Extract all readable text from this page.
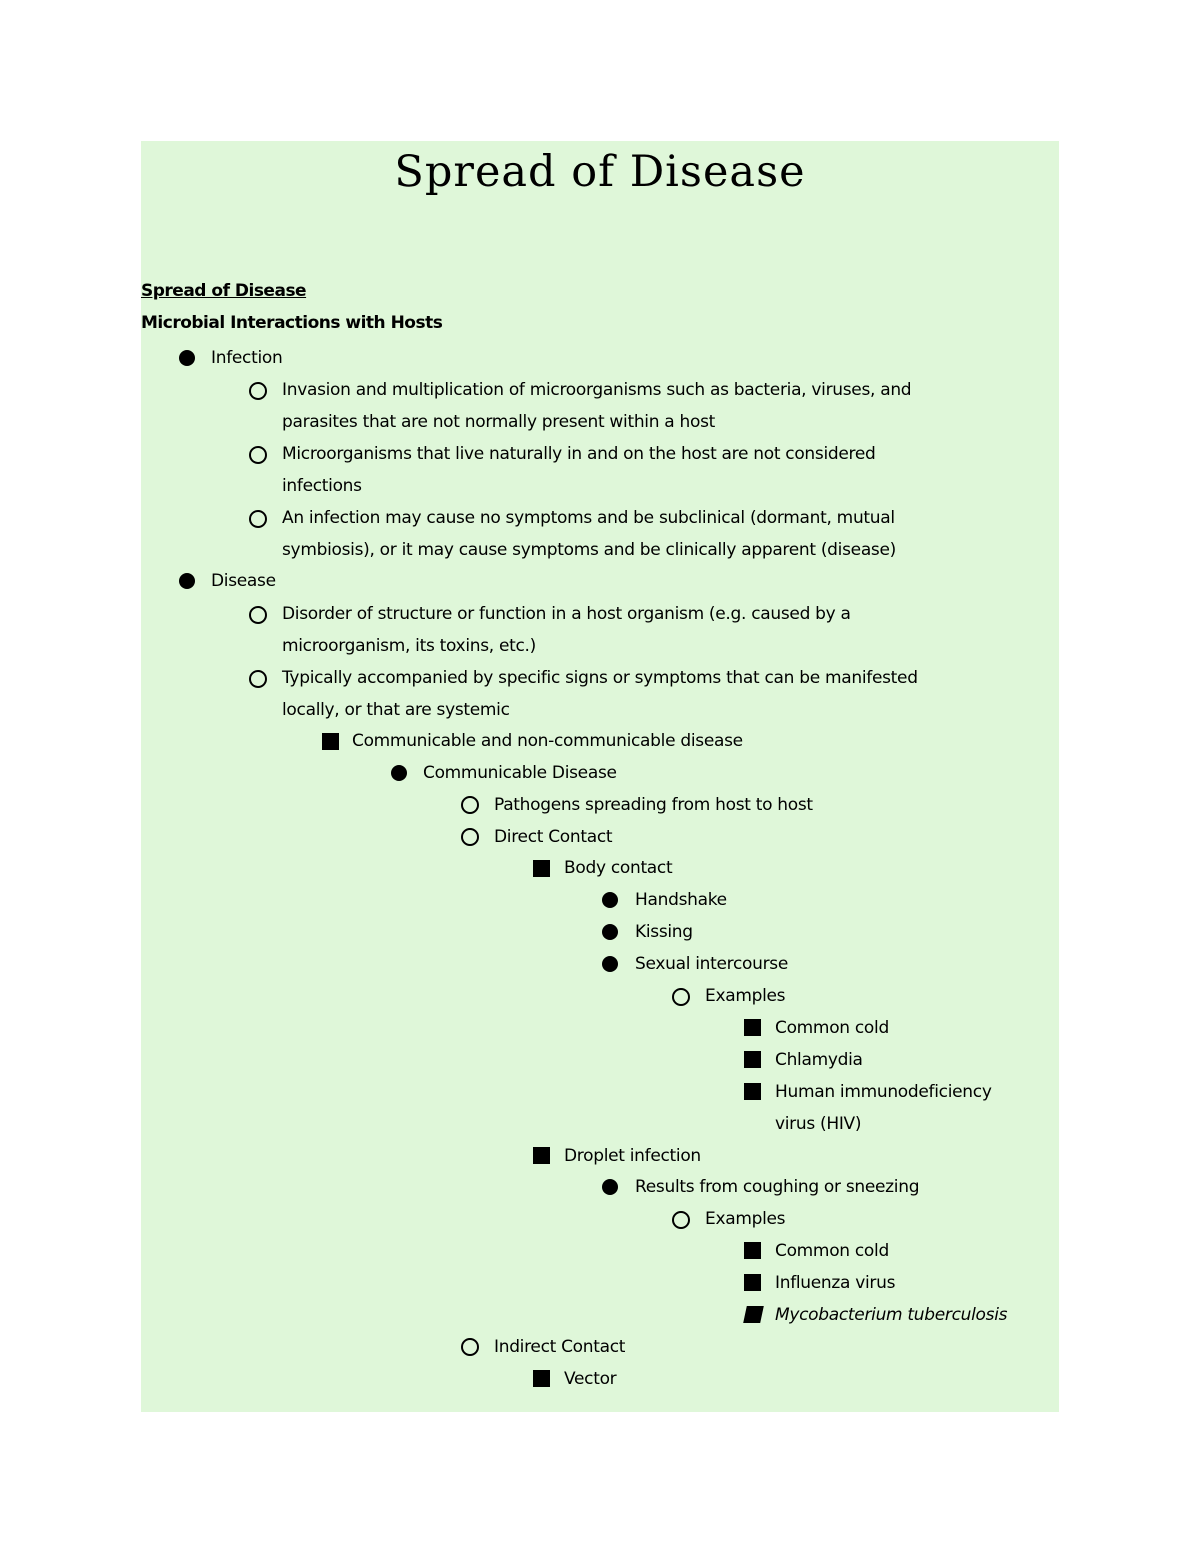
Spread of Disease
Spread of Disease
Microbial Interactions with Hosts
Infection
Invasion and multiplication of microorganisms such as bacteria, viruses, and
parasites that are not normally present within a host
Microorganisms that live naturally in and on the host are not considered
infections
An infection may cause no symptoms and be subclinical (dormant, mutual
symbiosis), or it may cause symptoms and be clinically apparent (disease)
Disease
Disorder of structure or function in a host organism (e.g. caused by a
microorganism, its toxins, etc.)
Typically accompanied by specific signs or symptoms that can be manifested
locally, or that are systemic
Communicable and non-communicable disease
Communicable Disease
Pathogens spreading from host to host
Direct Contact
Body contact
Handshake
Kissing
Sexual intercourse
Examples
Common cold
Chlamydia
Human immunodeficiency
virus (HIV)
Droplet infection
Results from coughing or sneezing
Examples
Common cold
Influenza virus
Mycobacterium tuberculosis
Indirect Contact
Vector
